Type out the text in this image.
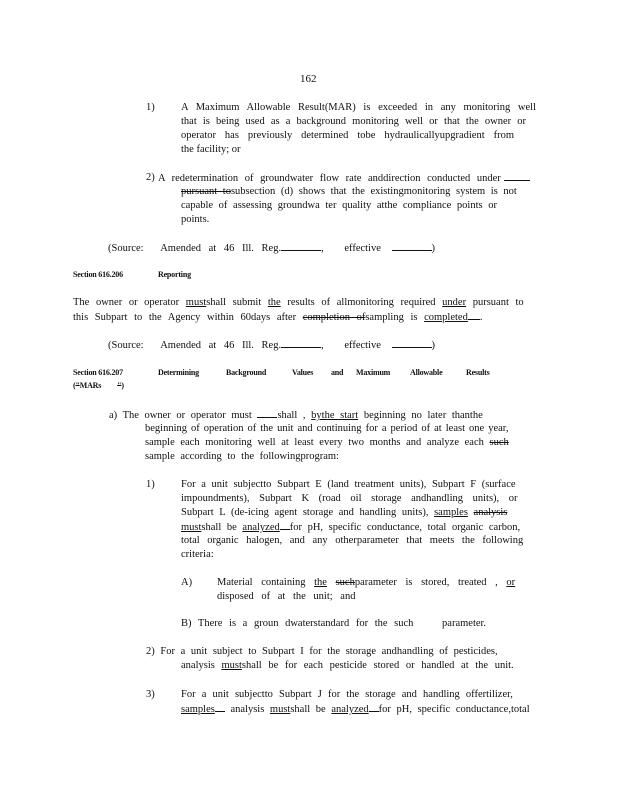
162
1)	A Maximum Allowable Result(MAR) is exceeded in any monitoring well
that is being used as a background monitoring well or that the owner or
operator has previously determined tobe hydraulicallyupgradient from
the facility; or
2) A redetermination of groundwater flow rate anddirection conducted under
pursuant tosubsection (d) shows that the existingmonitoring system is not
capable of assessing groundwa ter quality atthe compliance points or
points.
(Source: Amended at 46 Ill. Reg.	, effective	)
Section 616.206	Reporting
The owner or operator mustshall submit the results of allmonitoring required under pursuant to
this Subpart to the Agency within 60days after completion ofsampling is completed .
(Source: Amended at 46 Ill. Reg.	, effective	)
Section 616.207	Determining	Background	Values and Maximum Allowable	Results
("MARs ")
a) The owner or operator must shall , bythe start beginning no later thanthe
beginning of operation of the unit and continuing for a period of at least one year,
sample each monitoring well at least every two months and analyze each such
sample according to the followingprogram:
1)	For a unit subjectto Subpart E (land treatment units), Subpart F (surface
impoundments), Subpart K (road oil storage andhandling units), or
Subpart L (de-icing agent storage and handling units), samples analysis
mustshall be analyzed for pH, specific conductance, total organic carbon,
total organic halogen, and any otherparameter that meets the following
criteria:
A) Material containing the suchparameter is stored, treated , or
disposed of at the unit; and
B) There is a groun dwaterstandard for the such	parameter.
2) For a unit subject to Subpart I for the storage andhandling of pesticides,
analysis mustshall be for each pesticide stored or handled at the unit.
3)	For a unit subjectto Subpart J for the storage and handling offertilizer,
samples analysis mustshall be analyzed for pH, specific conductance,total
